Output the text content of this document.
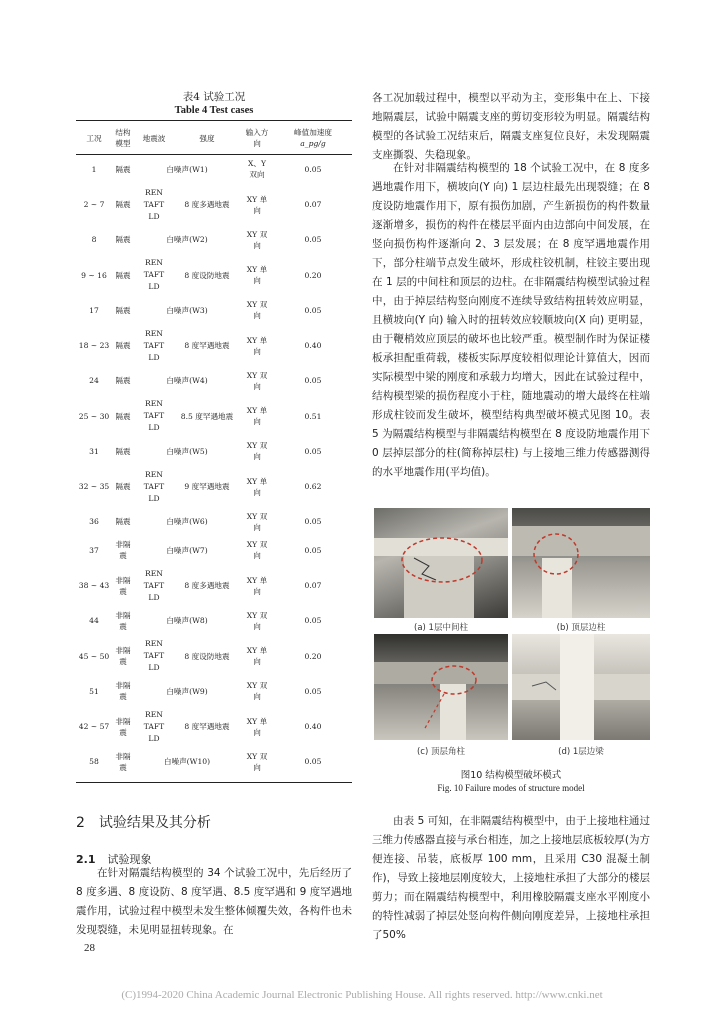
表4 试验工况
Table 4 Test cases
工况	结构模型	地震波	强度	输入方向	峰值加速度
a_pg/g

1	隔震	白噪声(W1)		X、Y 双向	0.05
2 ~ 7	隔震	REN
TAFT
LD	8 度多遇地震	XY 单向	0.07
8	隔震	白噪声(W2)		XY 双向	0.05
9 ~ 16	隔震	REN
TAFT
LD	8 度设防地震	XY 单向	0.20
17	隔震	白噪声(W3)		XY 双向	0.05
18 ~ 23	隔震	REN
TAFT
LD	8 度罕遇地震	XY 单向	0.40
24	隔震	白噪声(W4)		XY 双向	0.05
25 ~ 30	隔震	REN
TAFT
LD	8.5 度罕遇地震	XY 单向	0.51
31	隔震	白噪声(W5)		XY 双向	0.05
32 ~ 35	隔震	REN
TAFT
LD	9 度罕遇地震	XY 单向	0.62
36	隔震	白噪声(W6)		XY 双向	0.05
37	非隔震	白噪声(W7)		XY 双向	0.05
38 ~ 43	非隔震	REN
TAFT
LD	8 度多遇地震	XY 单向	0.07
44	非隔震	白噪声(W8)		XY 双向	0.05
45 ~ 50	非隔震	REN
TAFT
LD	8 度设防地震	XY 单向	0.20
51	非隔震	白噪声(W9)		XY 双向	0.05
42 ~ 57	非隔震	REN
TAFT
LD	8 度罕遇地震	XY 单向	0.40
58	非隔震	白噪声(W10)		XY 双向	0.05
2 试验结果及其分析
2.1 试验现象

在针对隔震结构模型的 34 个试验工况中，先后经历了 8 度多遇、8 度设防、8 度罕遇、8.5 度罕遇和 9 度罕遇地震作用，试验过程中模型未发生整体倾覆失效，各构件也未发现裂缝，未见明显扭转现象。在

28

各工况加载过程中，模型以平动为主，变形集中在上、下接地隔震层，试验中隔震支座的剪切变形较为明显。隔震结构模型的各试验工况结束后，隔震支座复位良好，未发现隔震支座撕裂、失稳现象。

在针对非隔震结构模型的 18 个试验工况中，在 8 度多遇地震作用下，横坡向(Y 向) 1 层边柱最先出现裂缝；在 8 度设防地震作用下，原有损伤加剧，产生新损伤的构件数量逐渐增多，损伤的构件在楼层平面内由边部向中间发展，在竖向损伤构件逐渐向 2、3 层发展；在 8 度罕遇地震作用下，部分柱端节点发生破坏，形成柱铰机制，柱铰主要出现在 1 层的中间柱和顶层的边柱。在非隔震结构模型试验过程中，由于掉层结构竖向刚度不连续导致结构扭转效应明显，且横坡向(Y 向) 输入时的扭转效应较顺坡向(X 向) 更明显，由于鞭梢效应顶层的破坏也比较严重。模型制作时为保证楼板承担配重荷载，楼板实际厚度较相似理论计算值大，因而实际模型中梁的刚度和承载力均增大，因此在试验过程中，结构模型梁的损伤程度小于柱，随地震动的增大最终在柱端形成柱铰而发生破坏，模型结构典型破坏模式见图 10。表 5 为隔震结构模型与非隔震结构模型在 8 度设防地震作用下 0 层掉层部分的柱(简称掉层柱) 与上接地三维力传感器测得的水平地震作用(平均值)。

(a) 1层中间柱	(b) 顶层边柱
(c) 顶层角柱	(d) 1层边梁
图10 结构模型破坏模式
Fig. 10 Failure modes of structure model

由表 5 可知，在非隔震结构模型中，由于上接地柱通过三维力传感器直接与承台相连，加之上接地层底板较厚(为方便连接、吊装，底板厚 100 mm，且采用 C30 混凝土制作)，导致上接地层刚度较大，上接地柱承担了大部分的楼层剪力；而在隔震结构模型中，利用橡胶隔震支座水平刚度小的特性减弱了掉层处竖向构件侧向刚度差异，上接地柱承担了50%

(C)1994-2020 China Academic Journal Electronic Publishing House. All rights reserved. http://www.cnki.net
